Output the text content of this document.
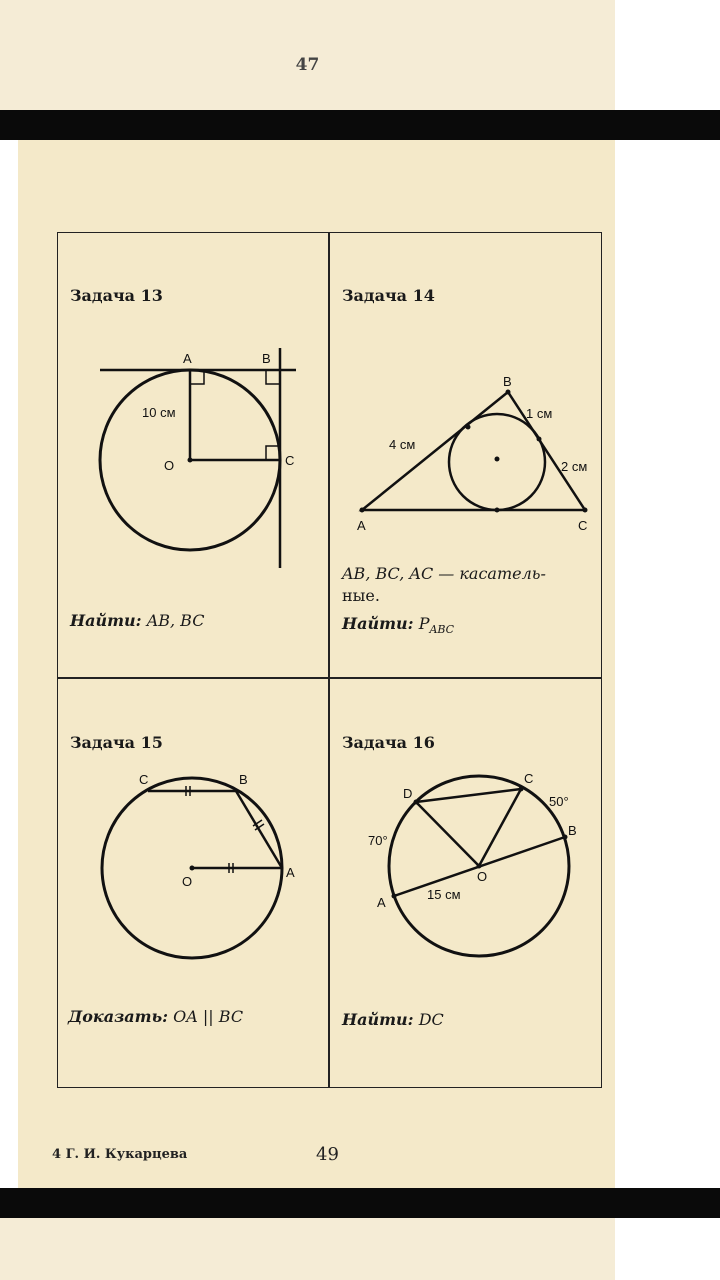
47
Задача 13
A	B
O	C
10 см
Найти: AB, BC
Задача 14
B
A	C
4 см
1 см
2 см
AB, BC, AC — касатель-
ные.
Найти: $P_{ABC}$
Задача 15
C	B
O
A
Доказать: OA || BC
Задача 16
D
C
B
O
A
50°
70°
15 см
Найти: DC
4 Г. И. Кукарцева	49
